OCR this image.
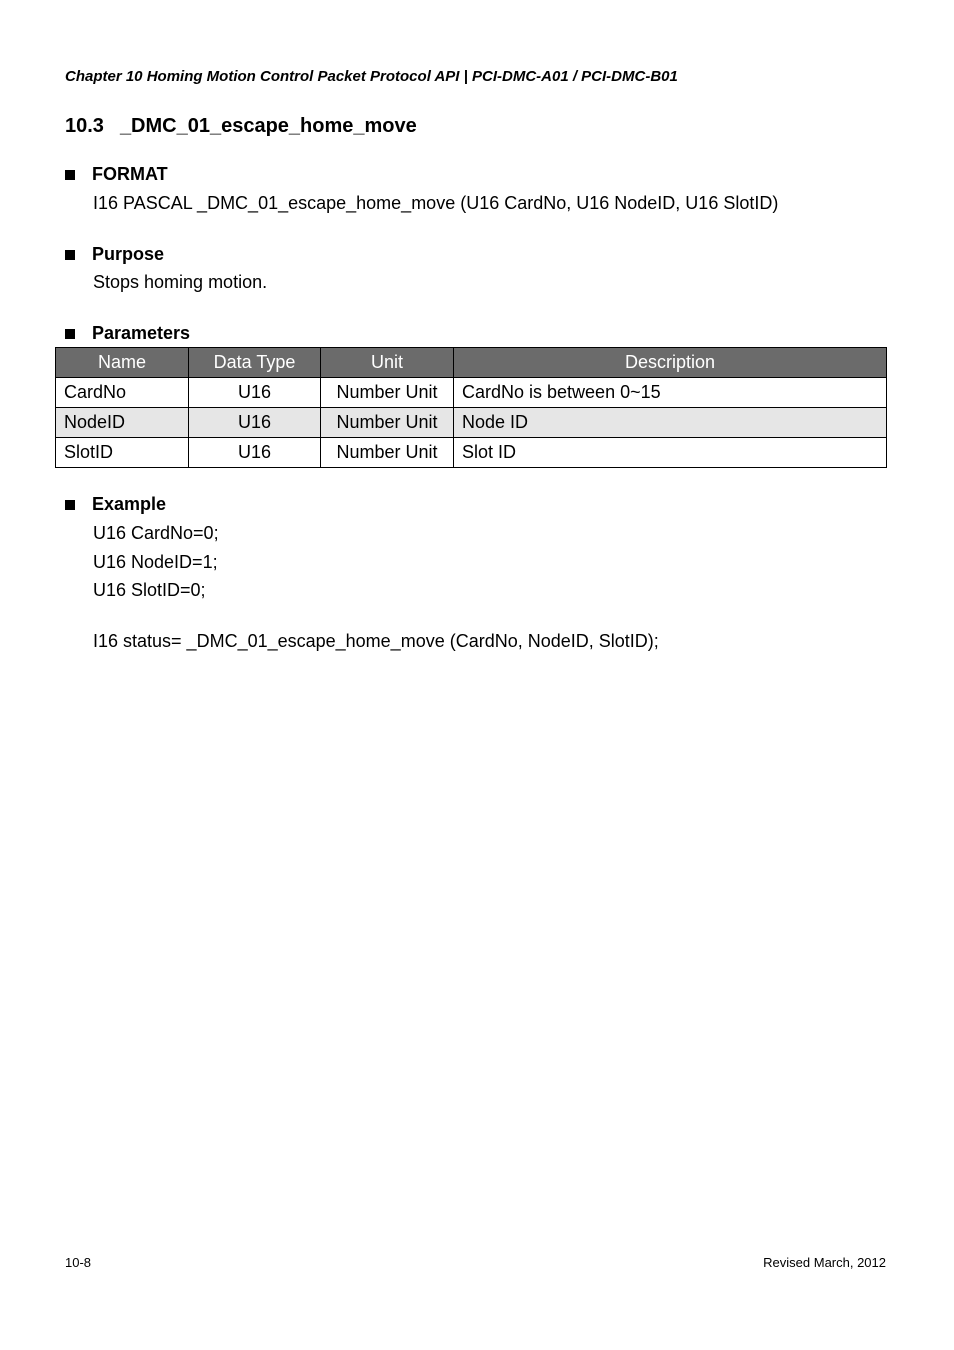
Chapter 10 Homing Motion Control Packet Protocol API | PCI-DMC-A01 / PCI-DMC-B01
10.3 _DMC_01_escape_home_move
FORMAT
I16 PASCAL _DMC_01_escape_home_move (U16 CardNo, U16 NodeID, U16 SlotID)
Purpose
Stops homing motion.
Parameters
Name	Data Type	Unit	Description
CardNo	U16	Number Unit	CardNo is between 0~15
NodeID	U16	Number Unit	Node ID
SlotID	U16	Number Unit	Slot ID
Example
U16 CardNo=0;
U16 NodeID=1;
U16 SlotID=0;
I16 status= _DMC_01_escape_home_move (CardNo, NodeID, SlotID);
10-8	Revised March, 2012
